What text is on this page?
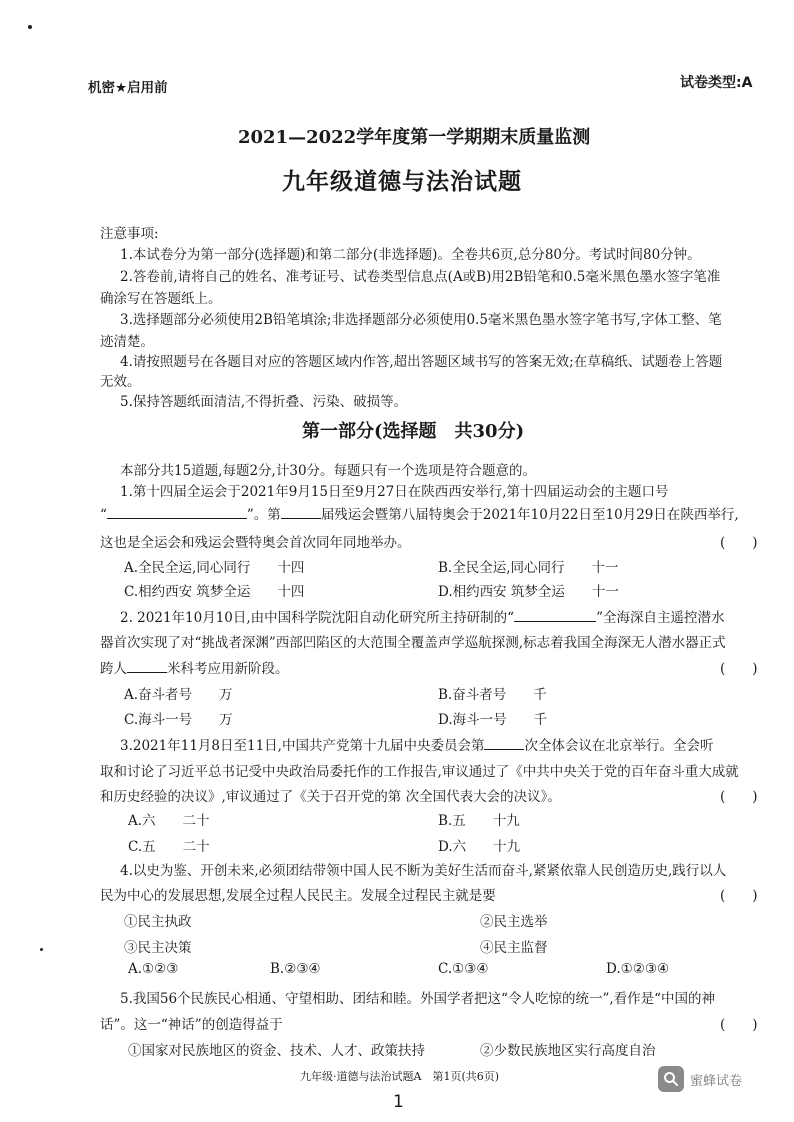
机密★启用前	试卷类型:A
2021—2022学年度第一学期期末质量监测
九年级道德与法治试题
注意事项:
1.本试卷分为第一部分(选择题)和第二部分(非选择题)。全卷共6页,总分80分。考试时间80分钟。
2.答卷前,请将自己的姓名、准考证号、试卷类型信息点(A或B)用2B铅笔和0.5毫米黑色墨水签字笔准
确涂写在答题纸上。
3.选择题部分必须使用2B铅笔填涂;非选择题部分必须使用0.5毫米黑色墨水签字笔书写,字体工整、笔
迹清楚。
4.请按照题号在各题目对应的答题区域内作答,超出答题区域书写的答案无效;在草稿纸、试题卷上答题
无效。
5.保持答题纸面清洁,不得折叠、污染、破损等。
第一部分(选择题　共30分)
本部分共15道题,每题2分,计30分。每题只有一个选项是符合题意的。
1.第十四届全运会于2021年9月15日至9月27日在陕西西安举行,第十四届运动会的主题口号
“	”。第	届残运会暨第八届特奥会于2021年10月22日至10月29日在陕西举行,
这也是全运会和残运会暨特奥会首次同年同地举办。	(　　)
A.全民全运,同心同行　　十四	B.全民全运,同心同行　　十一
C.相约西安 筑梦全运　　十四	D.相约西安 筑梦全运　　十一
2. 2021年10月10日,由中国科学院沈阳自动化研究所主持研制的“	”全海深自主遥控潜水
器首次实现了对“挑战者深渊”西部凹陷区的大范围全覆盖声学巡航探测,标志着我国全海深无人潜水器正式
跨人	米科考应用新阶段。	(　　)
A.奋斗者号　　万	B.奋斗者号　　千
C.海斗一号　　万	D.海斗一号　　千
3.2021年11月8日至11日,中国共产党第十九届中央委员会第	次全体会议在北京举行。全会听
取和讨论了习近平总书记受中央政治局委托作的工作报告,审议通过了《中共中央关于党的百年奋斗重大成就
和历史经验的决议》,审议通过了《关于召开党的第 次全国代表大会的决议》。	(　　)
A.六　　二十	B.五　　十九
C.五　　二十	D.六　　十九
4.以史为鉴、开创未来,必须团结带领中国人民不断为美好生活而奋斗,紧紧依靠人民创造历史,践行以人
民为中心的发展思想,发展全过程人民民主。发展全过程民主就是要	(　　)
①民主执政	②民主选举
③民主决策	④民主监督
A.①②③	B.②③④	C.①③④	D.①②③④
5.我国56个民族民心相通、守望相助、团结和睦。外国学者把这“令人吃惊的统一”,看作是“中国的神
话”。这一“神话”的创造得益于	(　　)
①国家对民族地区的资金、技术、人才、政策扶持	②少数民族地区实行高度自治
九年级·道德与法治试题A　第1页(共6页)
1
蜜蜂试卷
